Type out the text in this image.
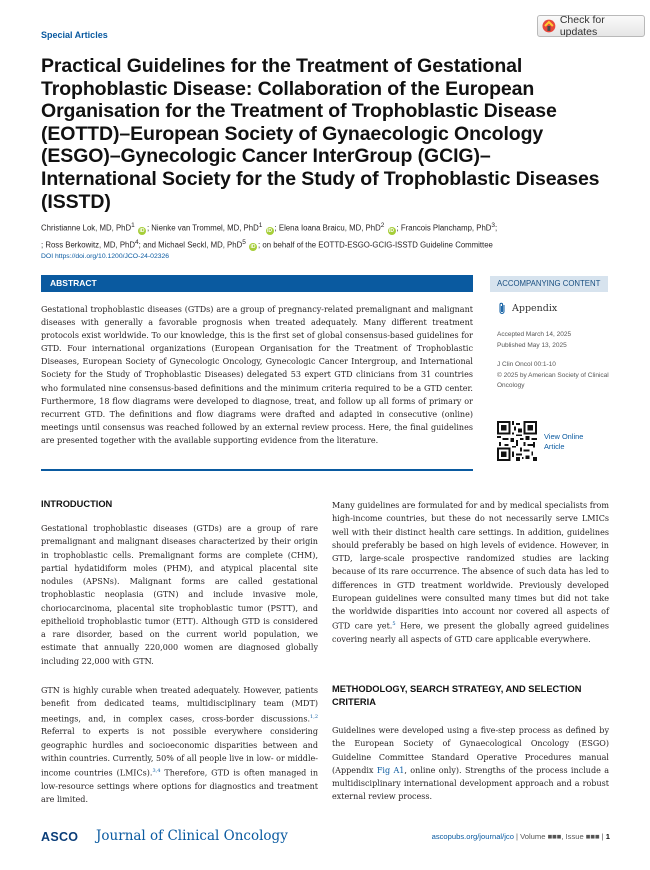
Special Articles
Check for updates
Practical Guidelines for the Treatment of Gestational Trophoblastic Disease: Collaboration of the European Organisation for the Treatment of Trophoblastic Disease (EOTTD)–European Society of Gynaecologic Oncology (ESGO)–Gynecologic Cancer InterGroup (GCIG)–International Society for the Study of Trophoblastic Diseases (ISSTD)
Christianne Lok, MD, PhD$^1$ iD ; Nienke van Trommel, MD, PhD$^1$ iD ; Elena Ioana Braicu, MD, PhD$^2$ iD ; Francois Planchamp, PhD$^3$;
; Ross Berkowitz, MD, PhD$^4$; and Michael Seckl, MD, PhD$^5$ iD ; on behalf of the EOTTD-ESGO-GCIG-ISSTD Guideline Committee
DOI https://doi.org/10.1200/JCO-24-02326
ABSTRACT
Gestational trophoblastic diseases (GTDs) are a group of pregnancy-related premalignant and malignant diseases with generally a favorable prognosis when treated adequately. Many different treatment protocols exist worldwide. To our knowledge, this is the first set of global consensus-based guidelines for GTD. Four international organizations (European Organisation for the Treatment of Trophoblastic Diseases, European Society of Gynecologic Oncology, Gynecologic Cancer Intergroup, and International Society for the Study of Trophoblastic Diseases) delegated 53 expert GTD clinicians from 31 countries who formulated nine consensus-based definitions and the minimum criteria required to be a GTD center. Furthermore, 18 flow diagrams were developed to diagnose, treat, and follow up all forms of primary or recurrent GTD. The definitions and flow diagrams were drafted and adapted in consecutive (online) meetings until consensus was reached followed by an external review process. Here, the final guidelines are presented together with the available supporting evidence from the literature.
ACCOMPANYING CONTENT
Appendix
Accepted March 14, 2025
Published May 13, 2025
J Clin Oncol 00:1-10
© 2025 by American Society of Clinical Oncology
View Online
Article
INTRODUCTION
Gestational trophoblastic diseases (GTDs) are a group of rare premalignant and malignant diseases characterized by their origin in trophoblastic cells. Premalignant forms are complete (CHM), partial hydatidiform moles (PHM), and atypical placental site nodules (APSNs). Malignant forms are called gestational trophoblastic neoplasia (GTN) and include invasive mole, choriocarcinoma, placental site trophoblastic tumor (PSTT), and epithelioid trophoblastic tumor (ETT). Although GTD is considered a rare disorder, based on the current world population, we estimate that annually 220,000 women are diagnosed globally including 22,000 with GTN.
GTN is highly curable when treated adequately. However, patients benefit from dedicated teams, multidisciplinary team (MDT) meetings, and, in complex cases, cross-border discussions.$^{1,2}$ Referral to experts is not possible everywhere considering geographic hurdles and socioeconomic disparities between and within countries. Currently, 50% of all people live in low- or middle-income countries (LMICs).$^{3,4}$ Therefore, GTD is often managed in low-resource settings where options for diagnostics and treatment are limited.
Many guidelines are formulated for and by medical specialists from high-income countries, but these do not necessarily serve LMICs well with their distinct health care settings. In addition, guidelines should preferably be based on high levels of evidence. However, in GTD, large-scale prospective randomized studies are lacking because of its rare occurrence. The absence of such data has led to differences in GTD treatment worldwide. Previously developed European guidelines were consulted many times but did not take the worldwide disparities into account nor covered all aspects of GTD care yet.$^5$ Here, we present the globally agreed guidelines covering nearly all aspects of GTD care applicable everywhere.
METHODOLOGY, SEARCH STRATEGY, AND SELECTION CRITERIA
Guidelines were developed using a five-step process as defined by the European Society of Gynaecological Oncology (ESGO) Guideline Committee Standard Operative Procedures manual (Appendix Fig A1, online only). Strengths of the process include a multidisciplinary international development approach and a robust external review process.
ASCO Journal of Clinical Oncology	ascopubs.org/journal/jco | Volume ■■■, Issue ■■■ | 1
